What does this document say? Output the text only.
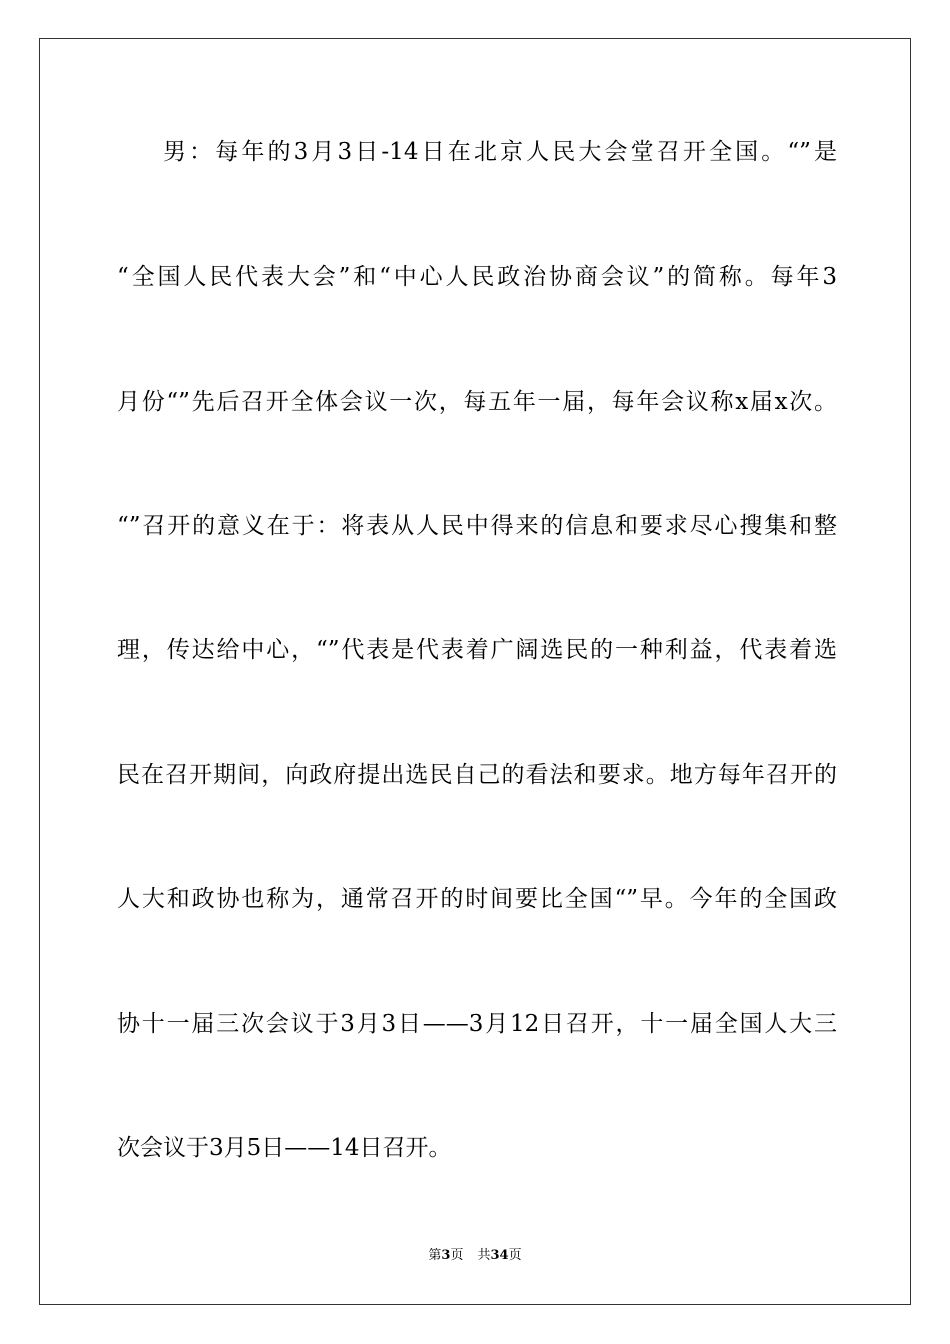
男：每年的3月3日-14日在北京人民大会堂召开全国。“”是
“全国人民代表大会”和“中心人民政治协商会议”的简称。每年3
月份“”先后召开全体会议一次，每五年一届，每年会议称x届x次。
“”召开的意义在于：将表从人民中得来的信息和要求尽心搜集和整
理，传达给中心，“”代表是代表着广阔选民的一种利益，代表着选
民在召开期间，向政府提出选民自己的看法和要求。地方每年召开的
人大和政协也称为，通常召开的时间要比全国“”早。今年的全国政
协十一届三次会议于3月3日——3月12日召开，十一届全国人大三
次会议于3月5日——14日召开。
第3页 共34页
